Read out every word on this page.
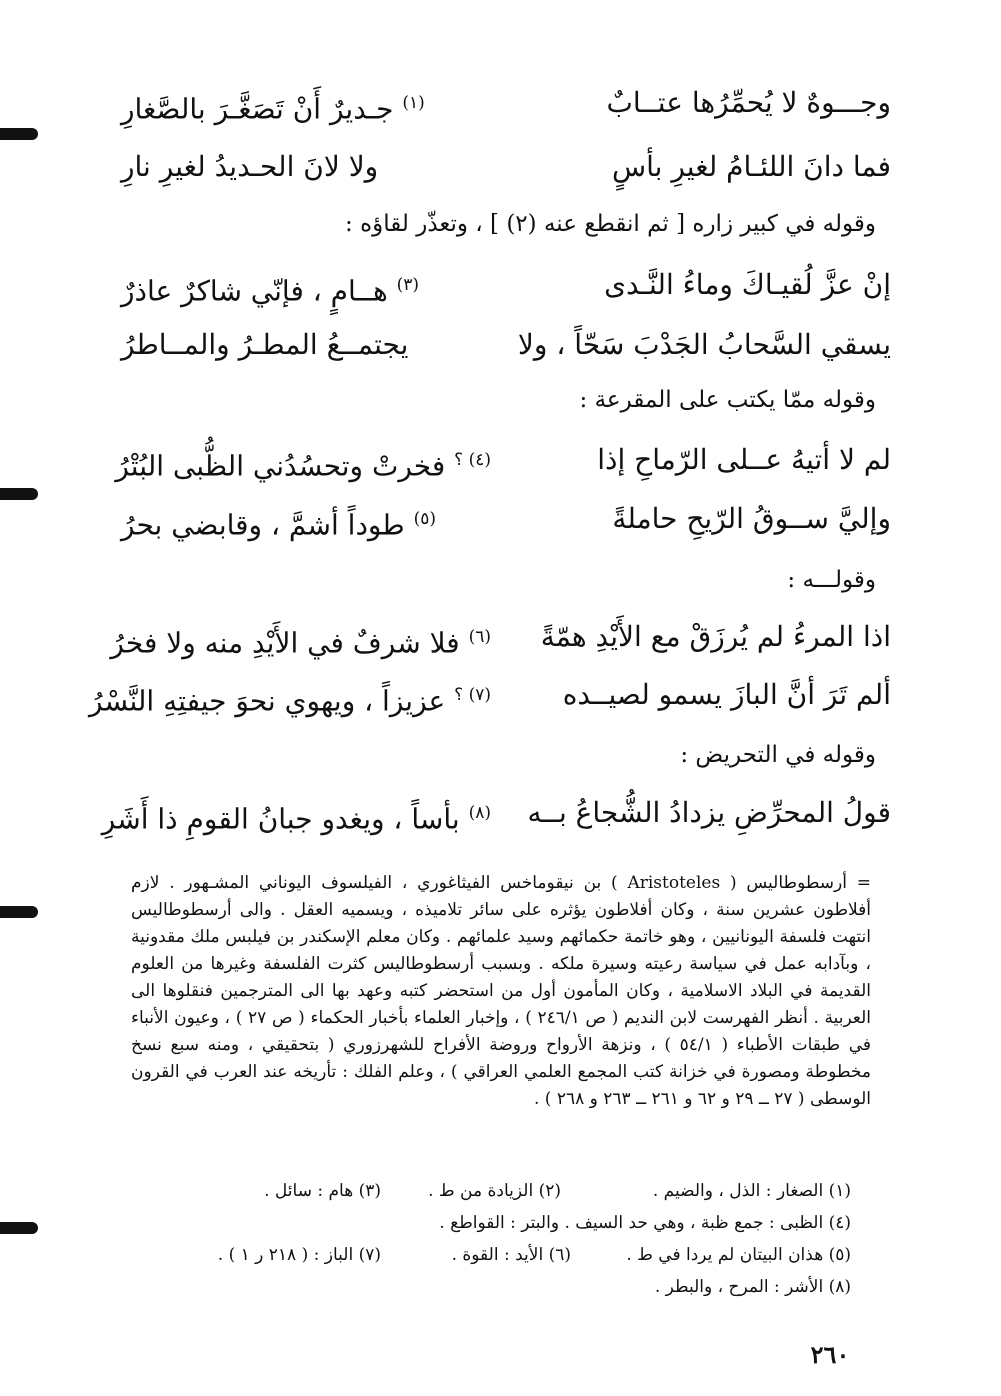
وجـــوهٌ لا يُحمِّرُها عتــابٌ
$^{(١)}$ جـديرٌ أَنْ تَصَغَّـرَ بالصَّغارِ
فما دانَ اللئـامُ لغيرِ بأسٍ
ولا لانَ الحـديدُ لغيرِ نارِ
وقوله في كبير زاره [ ثم انقطع عنه (٢) ] ، وتعذّر لقاؤه :
إنْ عزَّ لُقيـاكَ وماءُ النَّـدى
$^{(٣)}$ هــامٍ ، فإنّي شاكرٌ عاذرٌ
يسقي السَّحابُ الجَدْبَ سَحّاً ، ولا
يجتمــعُ المطـرُ والمــاطرُ
وقوله ممّا يكتب على المقرعة :
لم لا أتيهُ عــلى الرّماحِ إذا
$^{(٤) ؟}$ فخرتْ وتحسُدُني الظُّبى البُتْرُ
وإليَّ ســوقُ الرّيحِ حاملةً
$^{(٥)}$ طوداً أشمَّ ، وقابضي بحرُ
وقولـــه :
اذا المرءُ لم يُرزَقْ مع الأَيْدِ همّةً
$^{(٦)}$ فلا شرفٌ في الأَيْدِ منه ولا فخرُ
ألم تَرَ أنَّ البازَ يسمو لصيــده
$^{(٧) ؟}$ عزيزاً ، ويهوي نحوَ جيفتِهِ النَّسْرُ
وقوله في التحريض :
قولُ المحرِّضِ يزدادُ الشُّجاعُ بــه
$^{(٨)}$ بأساً ، ويغدو جبانُ القومِ ذا أَشَرِ

= أرسطوطاليس ( Aristoteles ) بن نيقوماخس الفيثاغوري ، الفيلسوف اليوناني المشـهور . لازم أفلاطون عشرين سنة ، وكان أفلاطون يؤثره على سائر تلاميذه ، ويسميه العقل . والى أرسطوطاليس انتهت فلسفة اليونانيين ، وهو خاتمة حكمائهم وسيد علمائهم . وكان معلم الإسكندر بن فيلبس ملك مقدونية ، وبآدابه عمل في سياسة رعيته وسيرة ملكه . وبسبب أرسطوطاليس كثرت الفلسفة وغيرها من العلوم القديمة في البلاد الاسلامية ، وكان المأمون أول من استحضر كتبه وعهد بها الى المترجمين فنقلوها الى العربية . أنظر الفهرست لابن النديم ( ص ٢٤٦/١ ) ، وإخبار العلماء بأخبار الحكماء ( ص ٢٧ ) ، وعيون الأنباء في طبقات الأطباء ( ٥٤/١ ) ، ونزهة الأرواح وروضة الأفراح للشهرزوري ( بتحقيقي ، ومنه سبع نسخ مخطوطة ومصورة في خزانة كتب المجمع العلمي العراقي ) ، وعلم الفلك : تأريخه عند العرب في القرون الوسطى ( ٢٧ ــ ٢٩ و ٦٢ و ٢٦١ ــ ٢٦٣ و ٢٦٨ ) .

(١) الصغار : الذل ، والضيم .
(٢) الزيادة من ط .
(٣) هام : سائل .
(٤) الظبى : جمع ظبة ، وهي حد السيف . والبتر : القواطع .
(٥) هذان البيتان لم يردا في ط .
(٦) الأيد : القوة .
(٧) الباز : ( ٢١٨ ر ١ ) .
(٨) الأشر : المرح ، والبطر .
٢٦٠
